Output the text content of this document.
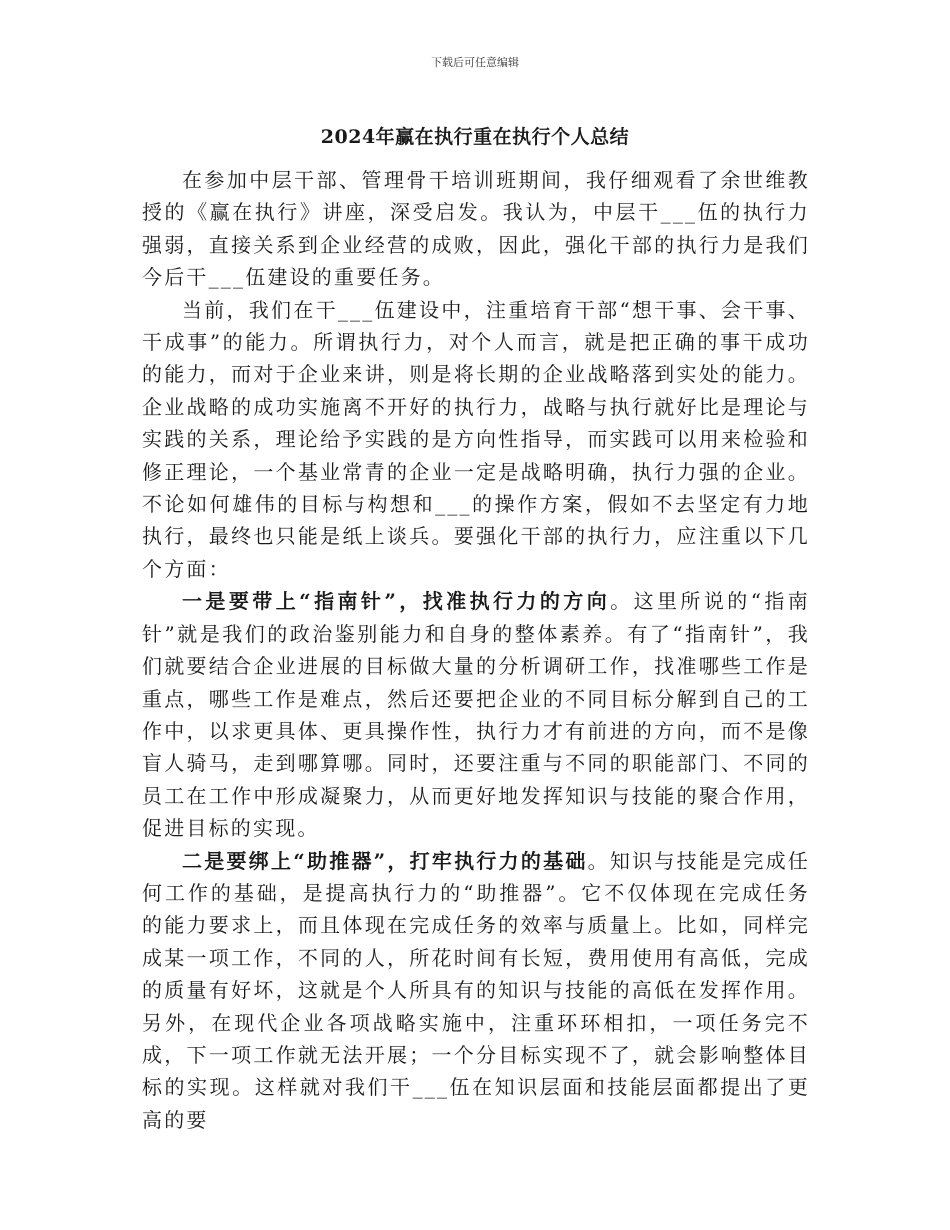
下载后可任意编辑
2024年赢在执行重在执行个人总结

在参加中层干部、管理骨干培训班期间，我仔细观看了余世维教授的《赢在执行》讲座，深受启发。我认为，中层干___伍的执行力强弱，直接关系到企业经营的成败，因此，强化干部的执行力是我们今后干___伍建设的重要任务。

当前，我们在干___伍建设中，注重培育干部“想干事、会干事、干成事”的能力。所谓执行力，对个人而言，就是把正确的事干成功的能力，而对于企业来讲，则是将长期的企业战略落到实处的能力。企业战略的成功实施离不开好的执行力，战略与执行就好比是理论与实践的关系，理论给予实践的是方向性指导，而实践可以用来检验和修正理论，一个基业常青的企业一定是战略明确，执行力强的企业。不论如何雄伟的目标与构想和___的操作方案，假如不去坚定有力地执行，最终也只能是纸上谈兵。要强化干部的执行力，应注重以下几个方面：

一是要带上“指南针”，找准执行力的方向。这里所说的“指南针”就是我们的政治鉴别能力和自身的整体素养。有了“指南针”，我们就要结合企业进展的目标做大量的分析调研工作，找准哪些工作是重点，哪些工作是难点，然后还要把企业的不同目标分解到自己的工作中，以求更具体、更具操作性，执行力才有前进的方向，而不是像盲人骑马，走到哪算哪。同时，还要注重与不同的职能部门、不同的员工在工作中形成凝聚力，从而更好地发挥知识与技能的聚合作用，促进目标的实现。

二是要绑上“助推器”，打牢执行力的基础。知识与技能是完成任何工作的基础，是提高执行力的“助推器”。它不仅体现在完成任务的能力要求上，而且体现在完成任务的效率与质量上。比如，同样完成某一项工作，不同的人，所花时间有长短，费用使用有高低，完成的质量有好坏，这就是个人所具有的知识与技能的高低在发挥作用。另外，在现代企业各项战略实施中，注重环环相扣，一项任务完不成，下一项工作就无法开展；一个分目标实现不了，就会影响整体目标的实现。这样就对我们干___伍在知识层面和技能层面都提出了更高的要
